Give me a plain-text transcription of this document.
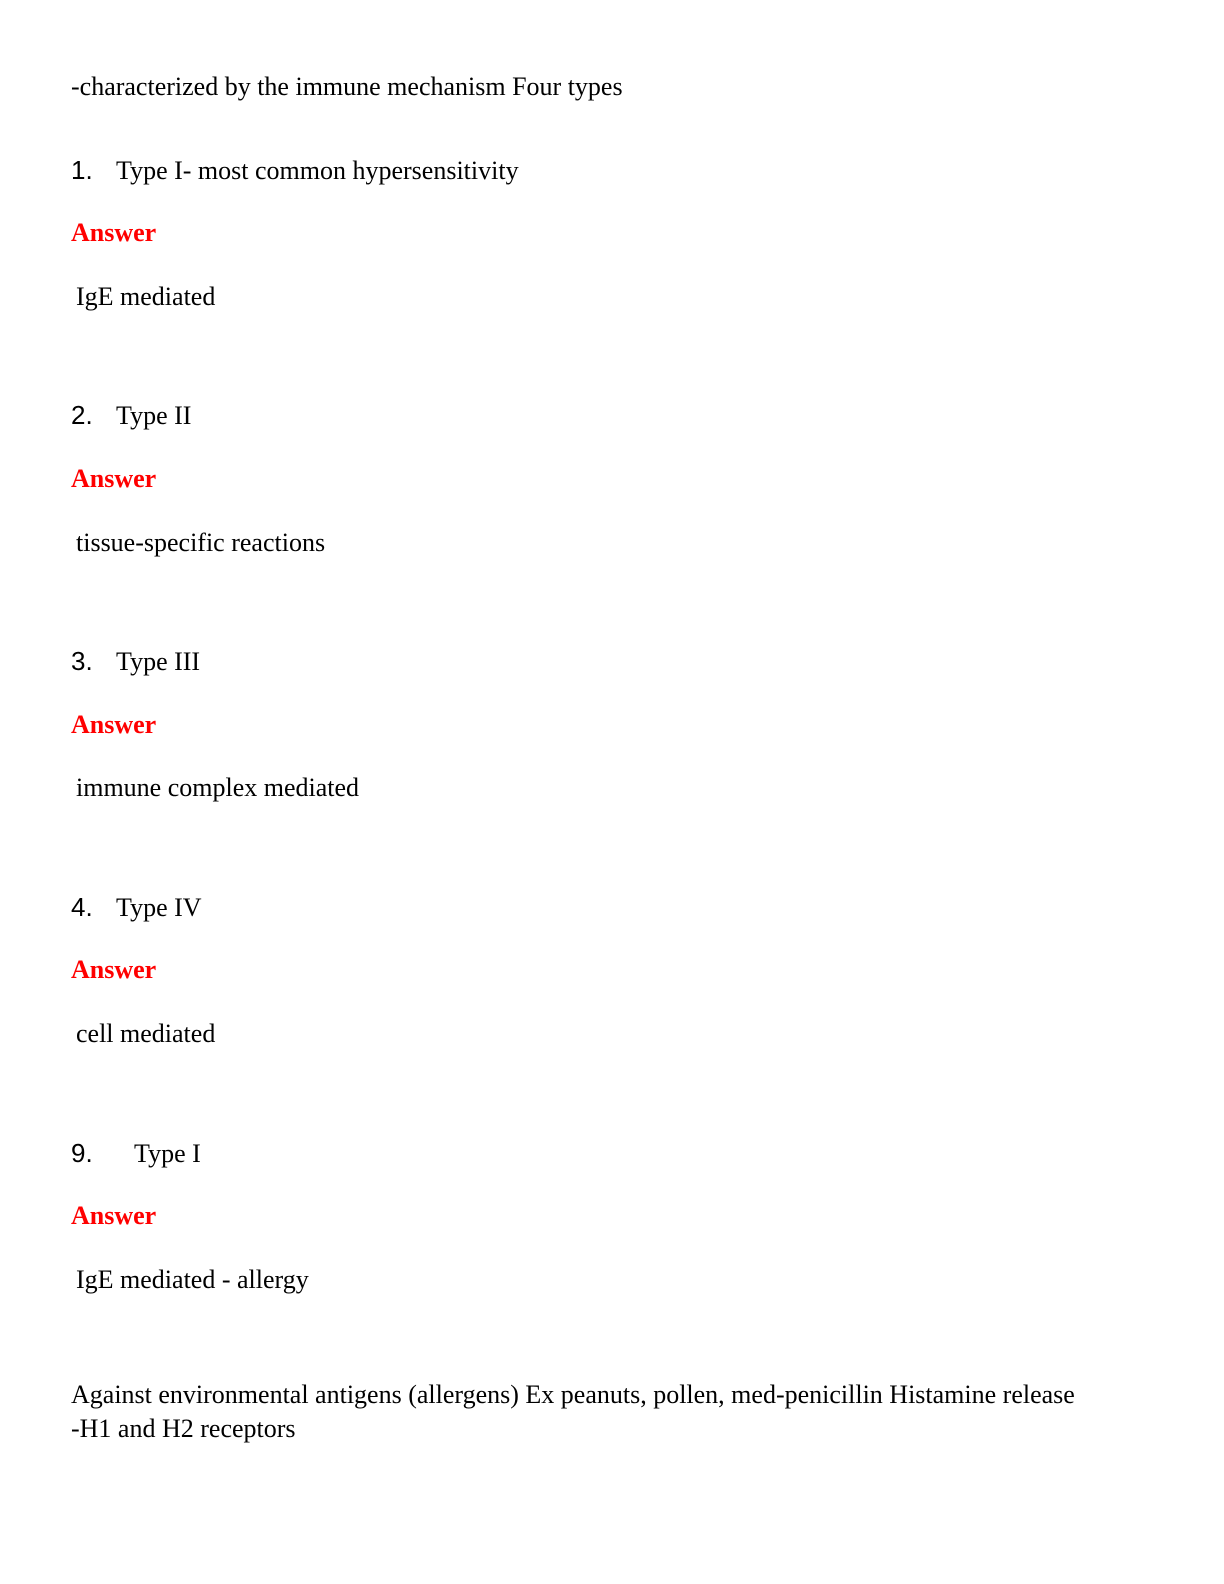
-characterized by the immune mechanism Four types
1. Type I- most common hypersensitivity
Answer
IgE mediated
2. Type II
Answer
tissue-specific reactions
3. Type III
Answer
immune complex mediated
4. Type IV
Answer
cell mediated
9. Type I
Answer
IgE mediated - allergy
Against environmental antigens (allergens) Ex peanuts, pollen, med-penicillin Histamine release
-H1 and H2 receptors
